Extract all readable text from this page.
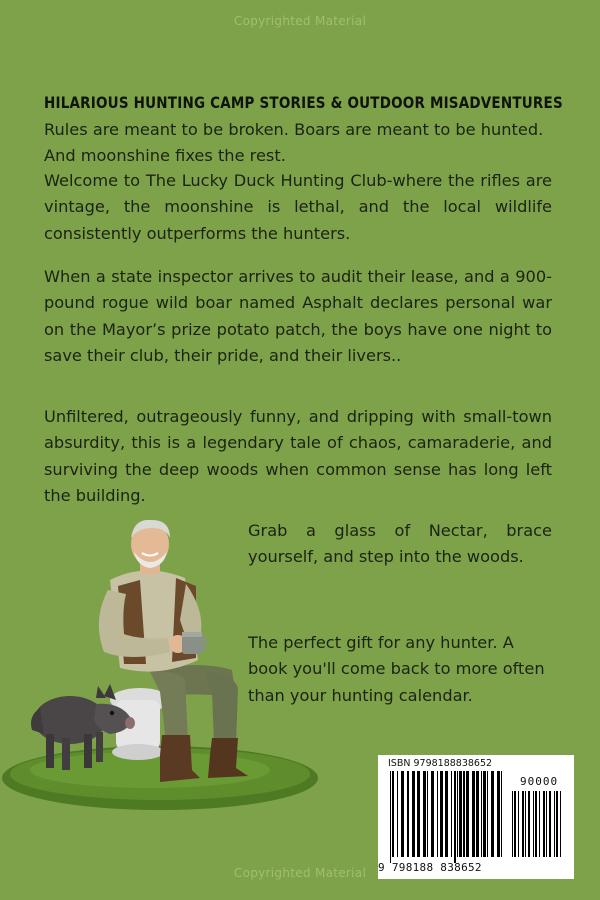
Copyrighted Material
HILARIOUS HUNTING CAMP STORIES & OUTDOOR MISADVENTURES
Rules are meant to be broken. Boars are meant to be hunted. And moonshine fixes the rest.
Welcome to The Lucky Duck Hunting Club-where the rifles are vintage, the moonshine is lethal, and the local wildlife consistently outperforms the hunters.
When a state inspector arrives to audit their lease, and a 900-pound rogue wild boar named Asphalt declares personal war on the Mayor’s prize potato patch, the boys have one night to save their club, their pride, and their livers..
Unfiltered, outrageously funny, and dripping with small-town absurdity, this is a legendary tale of chaos, camaraderie, and surviving the deep woods when common sense has long left the building.
Grab a glass of Nectar, brace yourself, and step into the woods.
The perfect gift for any hunter. A book you'll come back to more often than your hunting calendar.
ISBN 9798188838652
90000
9 798188 838652
Copyrighted Material
